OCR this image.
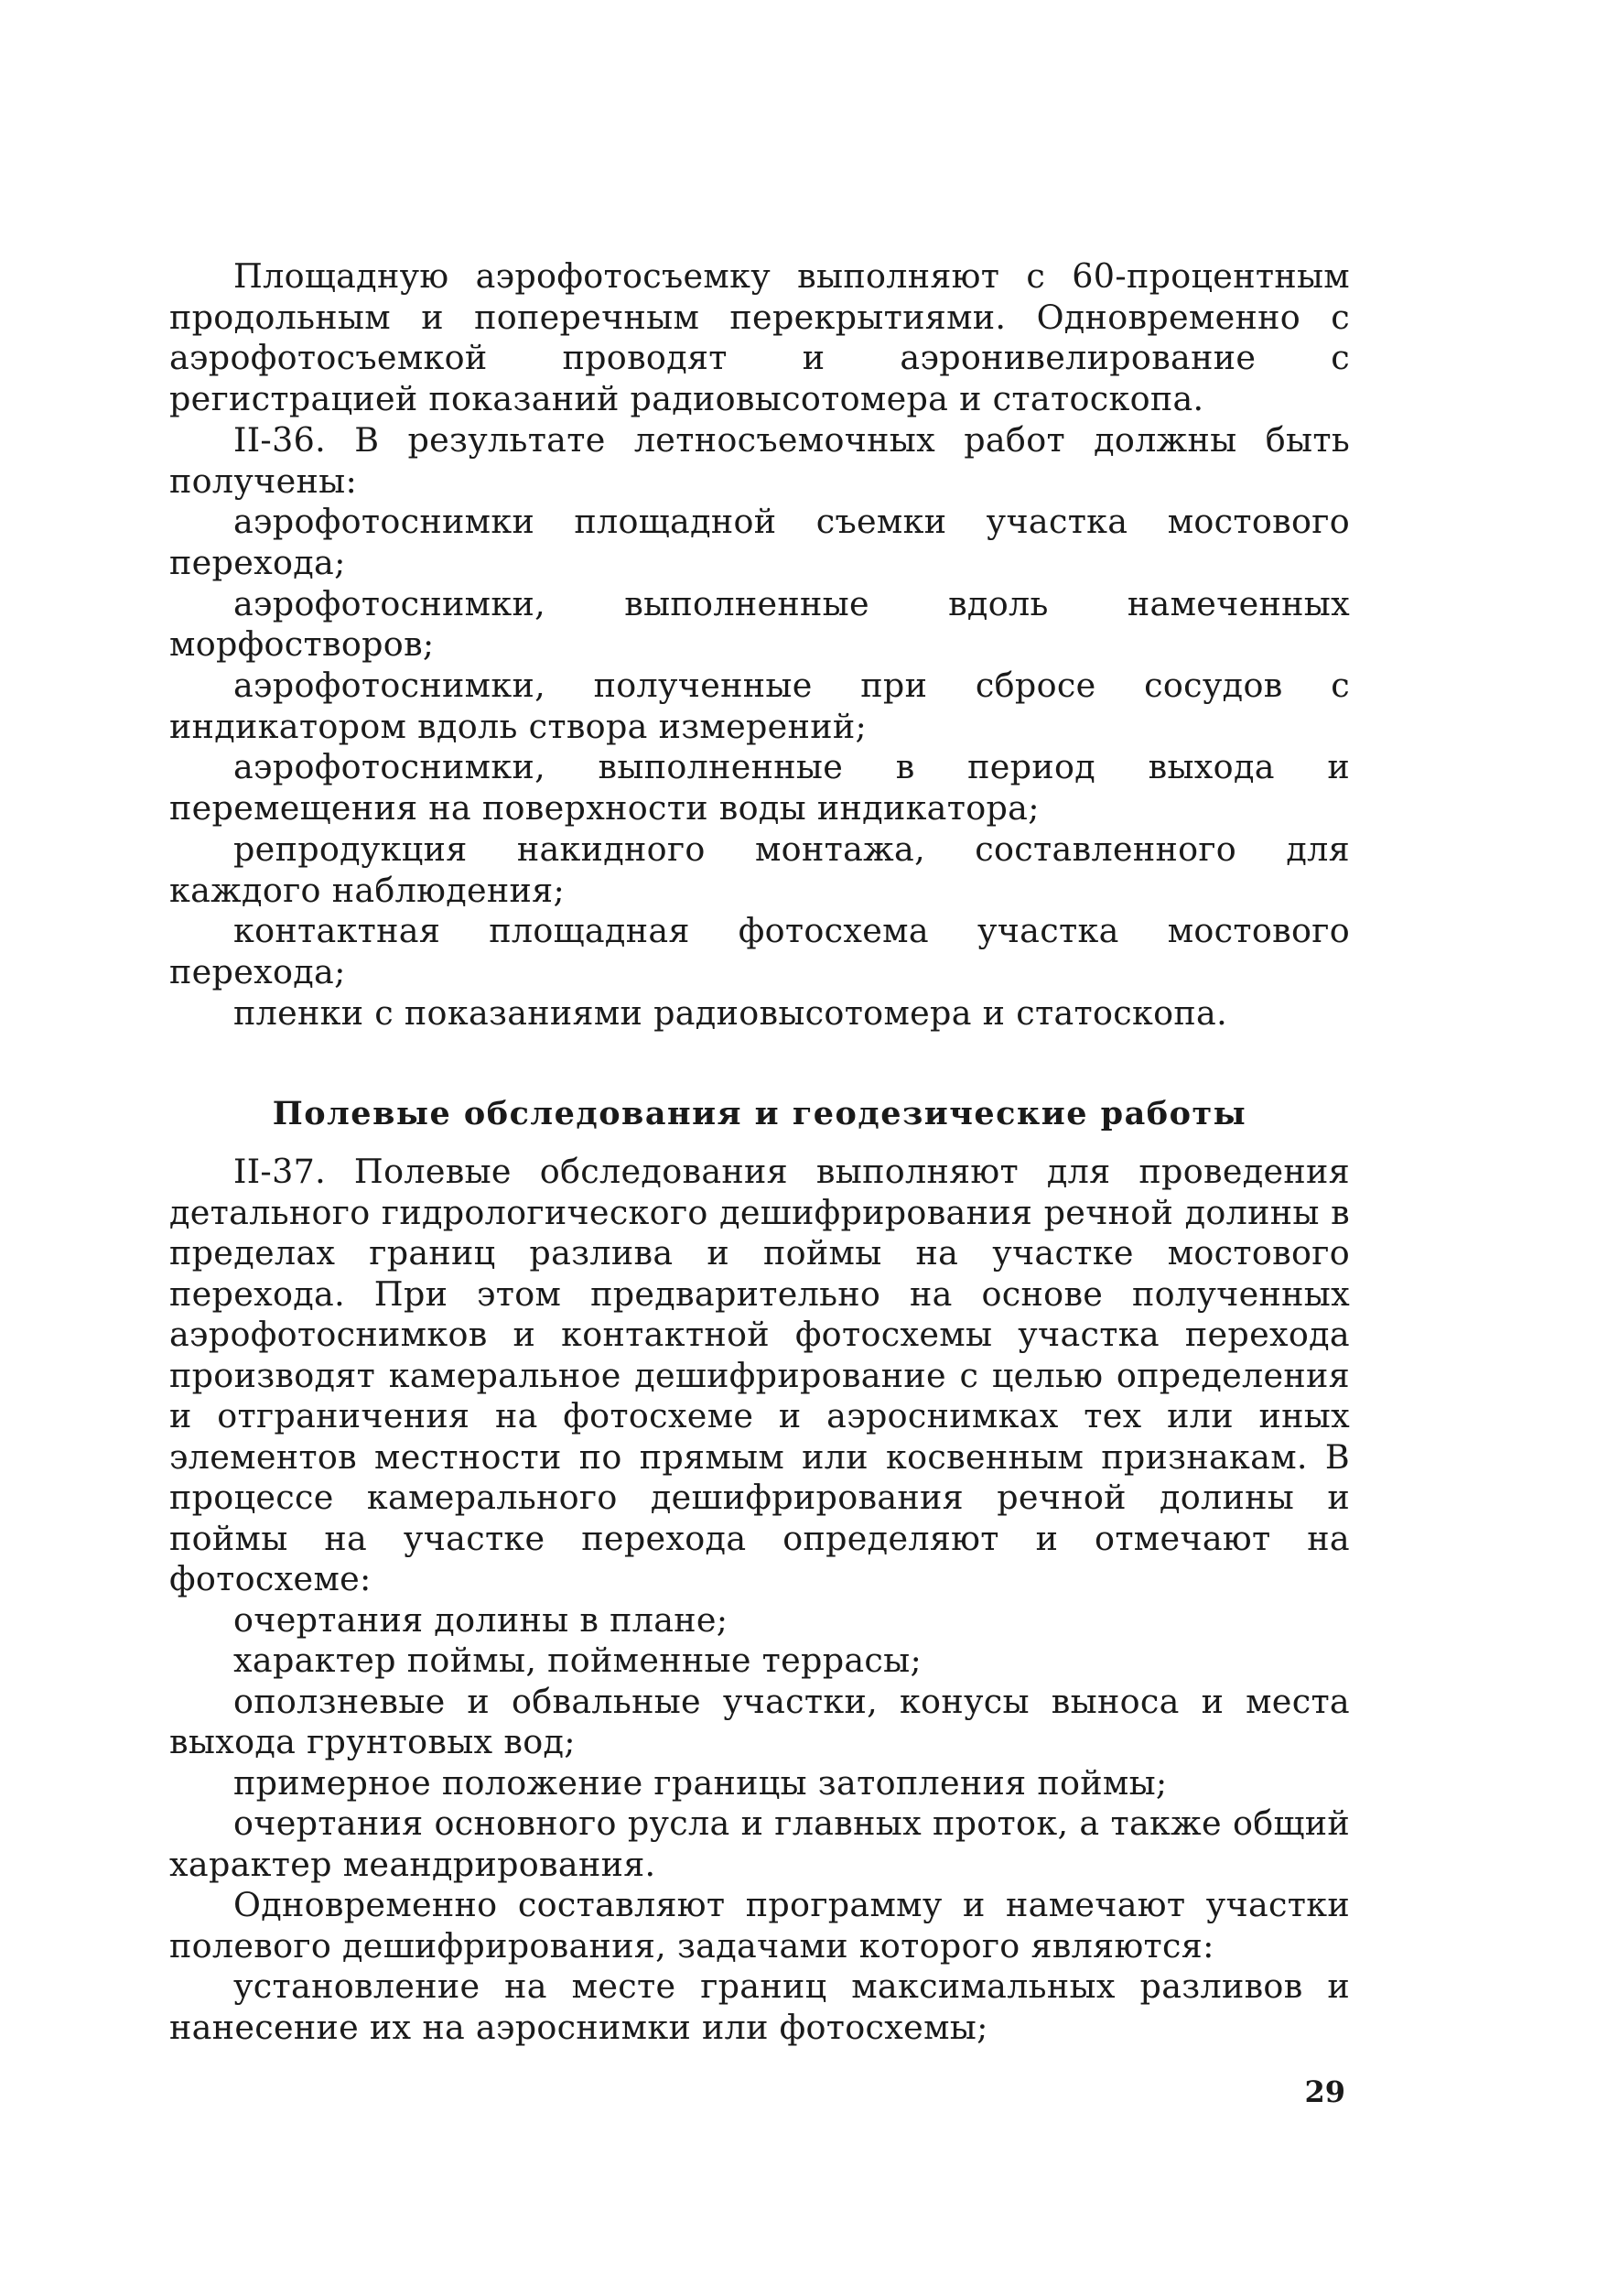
Площадную аэрофотосъемку выполняют с 60-процентным продольным и поперечным перекрытиями. Одновременно с аэрофотосъемкой проводят и аэронивелирование с регистрацией показаний радиовысотомера и статоскопа.

II-36. В результате летносъемочных работ должны быть получены:

аэрофотоснимки площадной съемки участка мостового перехода;

аэрофотоснимки, выполненные вдоль намеченных морфостворов;

аэрофотоснимки, полученные при сбросе сосудов с индикатором вдоль створа измерений;

аэрофотоснимки, выполненные в период выхода и перемещения на поверхности воды индикатора;

репродукция накидного монтажа, составленного для каждого наблюдения;

контактная площадная фотосхема участка мостового перехода;

пленки с показаниями радиовысотомера и статоскопа.

Полевые обследования и геодезические работы

II-37. Полевые обследования выполняют для проведения детального гидрологического дешифрирования речной долины в пределах границ разлива и поймы на участке мостового перехода. При этом предварительно на основе полученных аэрофотоснимков и контактной фотосхемы участка перехода производят камеральное дешифрирование с целью определения и отграничения на фотосхеме и аэроснимках тех или иных элементов местности по прямым или косвенным признакам. В процессе камерального дешифрирования речной долины и поймы на участке перехода определяют и отмечают на фотосхеме:

очертания долины в плане;

характер поймы, пойменные террасы;

оползневые и обвальные участки, конусы выноса и места выхода грунтовых вод;

примерное положение границы затопления поймы;

очертания основного русла и главных проток, а также общий характер меандрирования.

Одновременно составляют программу и намечают участки полевого дешифрирования, задачами которого являются:

установление на месте границ максимальных разливов и нанесение их на аэроснимки или фотосхемы;

29
